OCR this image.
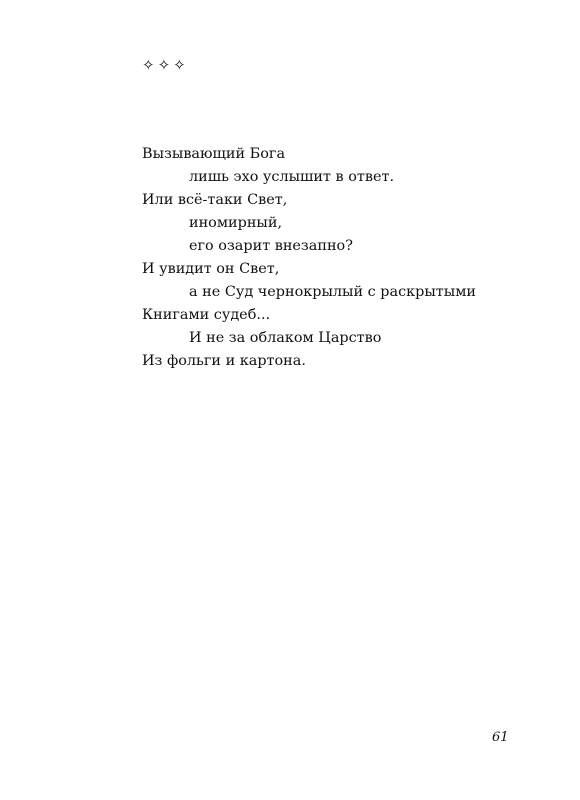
✧✧✧
Вызывающий Бога
лишь эхо услышит в ответ.
Или всё-таки Свет,
иномирный,
его озарит внезапно?
И увидит он Свет,
а не Суд чернокрылый с раскрытыми
Книгами судеб...
И не за облаком Царство
Из фольги и картона.
61
